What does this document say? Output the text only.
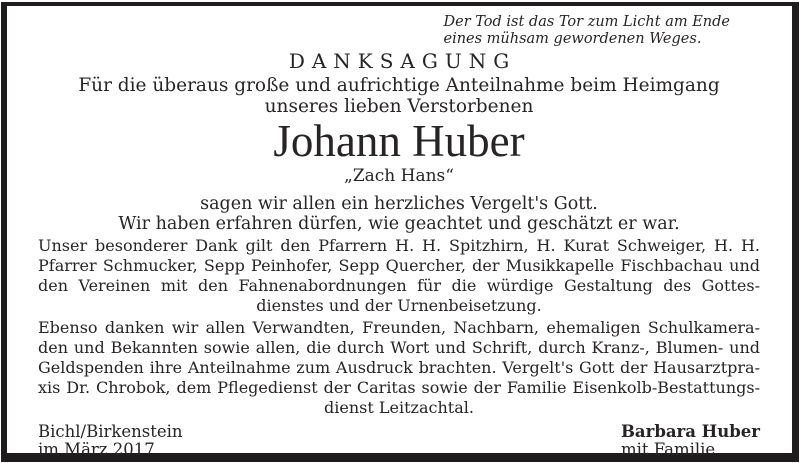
Der Tod ist das Tor zum Licht am Ende
eines mühsam gewordenen Weges.
DANKSAGUNG
Für die überaus große und aufrichtige Anteilnahme beim Heimgang
unseres lieben Verstorbenen
Johann Huber
„Zach Hans“
sagen wir allen ein herzliches Vergelt's Gott.
Wir haben erfahren dürfen, wie geachtet und geschätzt er war.
Unser besonderer Dank gilt den Pfarrern H. H. Spitzhirn, H. Kurat Schweiger, H. H.
Pfarrer Schmucker, Sepp Peinhofer, Sepp Quercher, der Musikkapelle Fischbachau und
den Vereinen mit den Fahnenabordnungen für die würdige Gestaltung des Gottes-
dienstes und der Urnenbeisetzung.
Ebenso danken wir allen Verwandten, Freunden, Nachbarn, ehemaligen Schulkamera-
den und Bekannten sowie allen, die durch Wort und Schrift, durch Kranz-, Blumen- und
Geldspenden ihre Anteilnahme zum Ausdruck brachten. Vergelt's Gott der Hausarztpra-
xis Dr. Chrobok, dem Pflegedienst der Caritas sowie der Familie Eisenkolb-Bestattungs-
dienst Leitzachtal.
Bichl/Birkenstein
im März 2017
Barbara Huber
mit Familie
